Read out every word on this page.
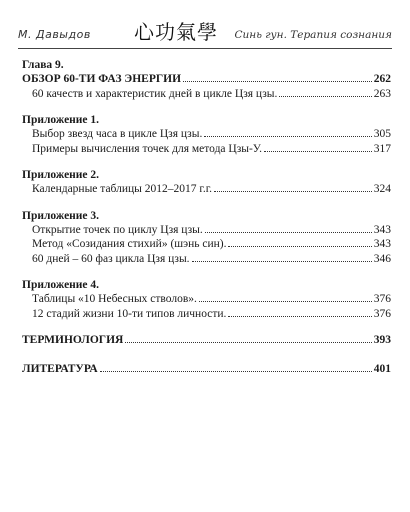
М. Давыдов 心功氣學 Синь гун. Терапия сознания
Глава 9.
ОБЗОР 60-ТИ ФАЗ ЭНЕРГИИ	262
60 качеств и характеристик дней в цикле Цзя цзы.	263
Приложение 1.
Выбор звезд часа в цикле Цзя цзы.	305
Примеры вычисления точек для метода Цзы-У.	317
Приложение 2.
Календарные таблицы 2012–2017 г.г.	324
Приложение 3.
Открытие точек по циклу Цзя цзы.	343
Метод «Созидания стихий» (шэнь син).	343
60 дней – 60 фаз цикла Цзя цзы.	346
Приложение 4.
Таблицы «10 Небесных стволов».	376
12 стадий жизни 10-ти типов личности.	376
ТЕРМИНОЛОГИЯ	393
ЛИТЕРАТУРА	401
